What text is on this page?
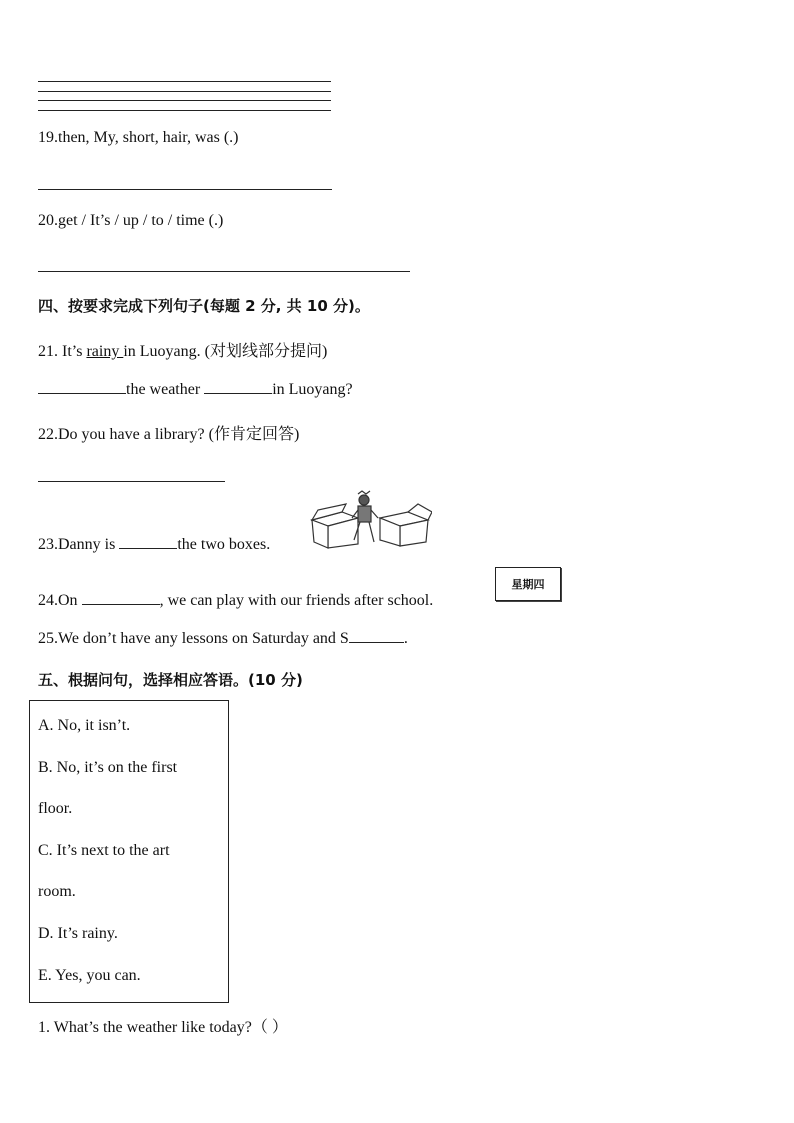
19.then, My, short, hair, was (.)
20.get / It’s / up / to / time (.)
四、按要求完成下列句子(每题 2 分, 共 10 分)。
21. It’s rainy in Luoyang. (对划线部分提问)
the weather	in Luoyang?
22.Do you have a library? (作肯定回答)
23.Danny is	the two boxes.
24.On	, we can play with our friends after school.
星期四
25.We don’t have any lessons on Saturday and S	.
五、根据问句，选择相应答语。(10 分)
A. No, it isn’t.
B. No, it’s on the first
floor.
C. It’s next to the art
room.
D. It’s rainy.
E. Yes, you can.
1. What’s the weather like today?（ ）
